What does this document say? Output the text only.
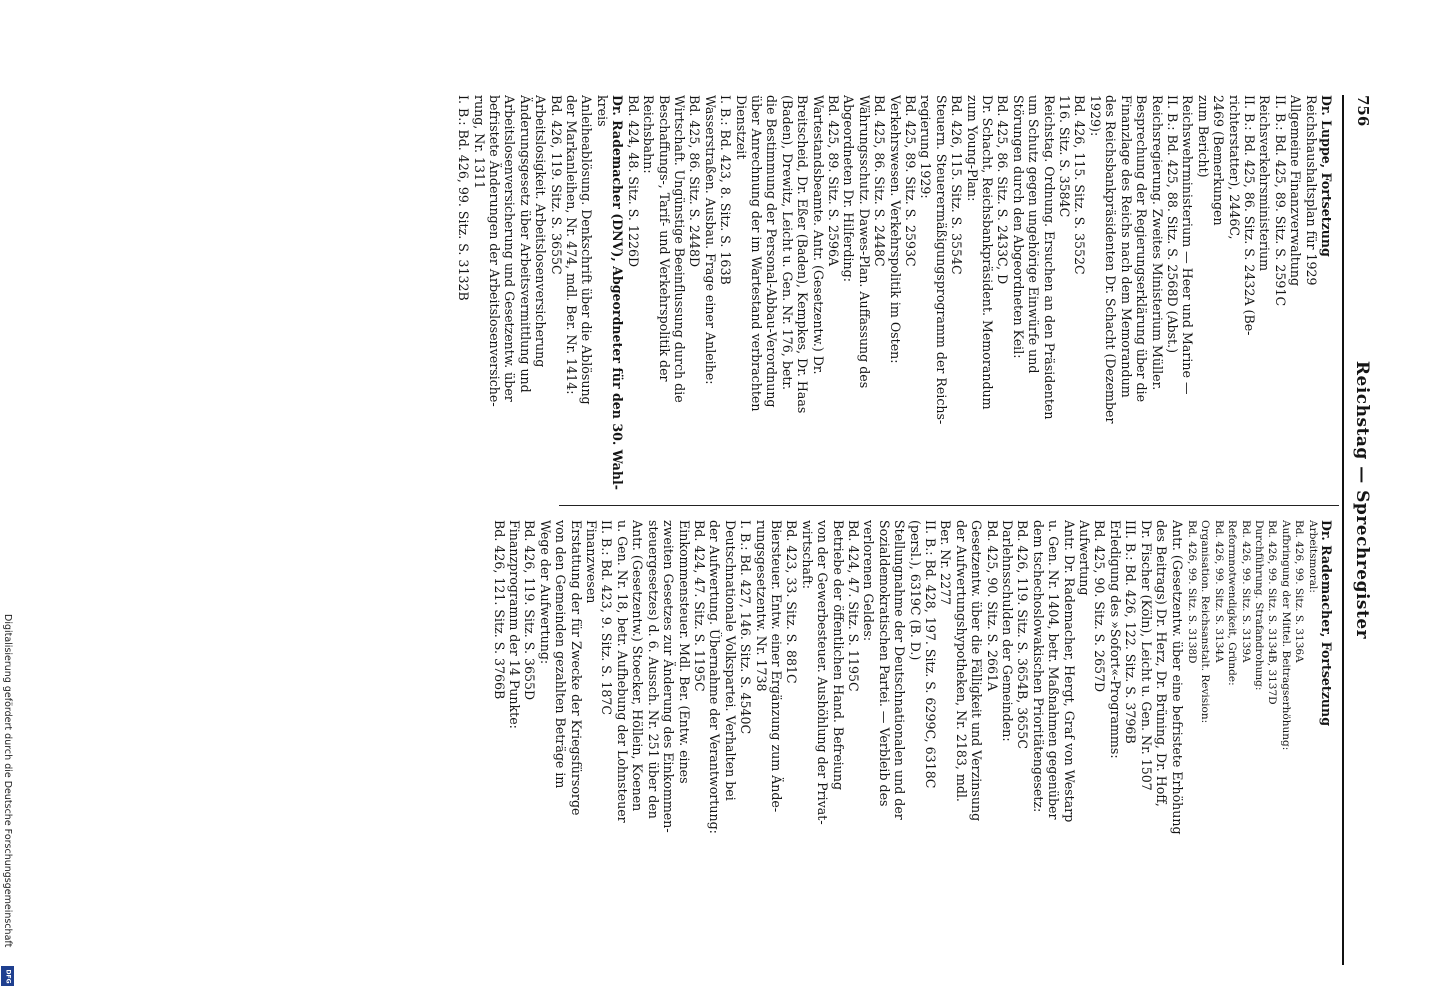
756
Reichstag — Sprechregister
Dr. Luppe, Fortsetzung
Reichshaushaltsplan für 1929
Allgemeine Finanzverwaltung
II. B.: Bd. 425, 89. Sitz. S. 2591C
Reichsverkehrsministerium
II. B.: Bd. 425, 86. Sitz. S. 2432A (Be-
richterstatter), 2446C,
2469 (Bemerkungen
zum Bericht)
Reichswehrministerium — Heer und Marine —
II. B.: Bd. 425, 88. Sitz. S. 2568D (Abst.)
Reichsregierung. Zweites Ministerium Müller.
Besprechung der Regierungserklärung über die
Finanzlage des Reichs nach dem Memorandum
des Reichsbankpräsidenten Dr. Schacht (Dezember
1929):
Bd. 426, 115. Sitz. S. 3552C
116. Sitz. S. 3584C
Reichstag. Ordnung. Ersuchen an den Präsidenten
um Schutz gegen ungehörige Einwürfe und
Störungen durch den Abgeordneten Keil:
Bd. 425, 86. Sitz. S. 2433C, D
Dr. Schacht, Reichsbankpräsident. Memorandum
zum Young-Plan:
Bd. 426, 115. Sitz. S. 3554C
Steuern. Steuerermäßigungsprogramm der Reichs-
regierung 1929:
Bd. 425, 89. Sitz. S. 2593C
Verkehrswesen. Verkehrspolitik im Osten:
Bd. 425, 86. Sitz. S. 2448C
Währungsschutz. Dawes-Plan. Auffassung des
Abgeordneten Dr. Hilferding:
Bd. 425, 89. Sitz. S. 2596A
Wartestandsbeamte. Antr. (Gesetzentw.) Dr.
Breitscheid, Dr. Eßer (Baden), Kempkes, Dr. Haas
(Baden), Drewitz, Leicht u. Gen. Nr. 176, betr.
die Bestimmung der Personal-Abbau-Verordnung
über Anrechnung der im Wartestand verbrachten
Dienstzeit
I. B.: Bd. 423, 8. Sitz. S. 163B
Wasserstraßen. Ausbau. Frage einer Anleihe:
Bd. 425, 86. Sitz. S. 2448D
Wirtschaft. Ungünstige Beeinflussung durch die
Beschaffungs-, Tarif- und Verkehrspolitik der
Reichsbahn:
Bd. 424, 48. Sitz. S. 1226D
Dr. Rademacher (DNV), Abgeordneter für den 30. Wahl-
kreis
Anleiheablösung. Denkschrift über die Ablösung
der Markanleihen, Nr. 474, mdl. Ber. Nr. 1414:
Bd. 426, 119. Sitz. S. 3655C
Arbeitslosigkeit. Arbeitslosenversicherung
Änderungsgesetz über Arbeitsvermittlung und
Arbeitslosenversicherung und Gesetzentw. über
befristete Änderungen der Arbeitslosenversiche-
rung, Nr. 1311
I. B.: Bd. 426, 99. Sitz. S. 3132B
Dr. Rademacher, Fortsetzung
Arbeitsmoral:
Bd. 426, 99. Sitz. S. 3136A
Aufbringung der Mittel. Beitragserhöhung:
Bd. 426, 99. Sitz. S. 3134B, 3137D
Durchführung. Strafandrohung:
Bd. 426, 99. Sitz. S. 3139A
Reformnotwendigkeit, Gründe:
Bd. 426, 99. Sitz. S. 3134A
Organisation. Reichsanstalt. Revision:
Bd. 426, 99. Sitz. S. 3138D
Antr. (Gesetzentw. über eine befristete Erhöhung
des Beitrags) Dr. Herz, Dr. Brüning, Dr. Hoff,
Dr. Fischer (Köln), Leicht u. Gen. Nr. 1507
III. B.: Bd. 426, 122. Sitz. S. 3796B
Erledigung des »Sofort«-Programms:
Bd. 425, 90. Sitz. S. 2657D
Aufwertung
Antr. Dr. Rademacher, Hergt, Graf von Westarp
u. Gen. Nr. 1404, betr. Maßnahmen gegenüber
dem tschechoslowakischen Prioritätengesetz:
Bd. 426, 119. Sitz. S. 3654B, 3655C
Darlehnsschulden der Gemeinden:
Bd. 425, 90. Sitz. S. 2661A
Gesetzentw. über die Fälligkeit und Verzinsung
der Aufwertungshypotheken, Nr. 2183, mdl.
Ber. Nr. 2277
II. B.: Bd. 428, 197. Sitz. S. 6299C, 6318C
(persl.), 6319C (B. D.)
Stellungnahme der Deutschnationalen und der
Sozialdemokratischen Partei. — Verbleib des
verlorenen Geldes:
Bd. 424, 47. Sitz. S. 1195C
Betriebe der öffentlichen Hand. Befreiung
von der Gewerbesteuer. Aushöhlung der Privat-
wirtschaft:
Bd. 423, 33. Sitz. S. 881C
Biersteuer. Entw. einer Ergänzung zum Ände-
rungsgesetzentw. Nr. 1738
I. B.: Bd. 427, 146. Sitz. S. 4540C
Deutschnationale Volkspartei. Verhalten bei
der Aufwertung. Übernahme der Verantwortung:
Bd. 424, 47. Sitz. S. 1195C
Einkommensteuer. Mdl. Ber. (Entw. eines
zweiten Gesetzes zur Änderung des Einkommen-
steuergesetzes) d. 6. Aussch. Nr. 251 über den
Antr. (Gesetzentw.) Stoecker, Höllein, Koenen
u. Gen. Nr. 18, betr. Aufhebung der Lohnsteuer
II. B.: Bd. 423, 9. Sitz. S. 187C
Finanzwesen
Erstattung der für Zwecke der Kriegsfürsorge
von den Gemeinden gezahlten Beträge im
Wege der Aufwertung:
Bd. 426, 119. Sitz. S. 3655D
Finanzprogramm der 14 Punkte:
Bd. 426, 121. Sitz. S. 3766B
Digitalisierung gefördert durch die Deutsche Forschungsgemeinschaft
DFG
